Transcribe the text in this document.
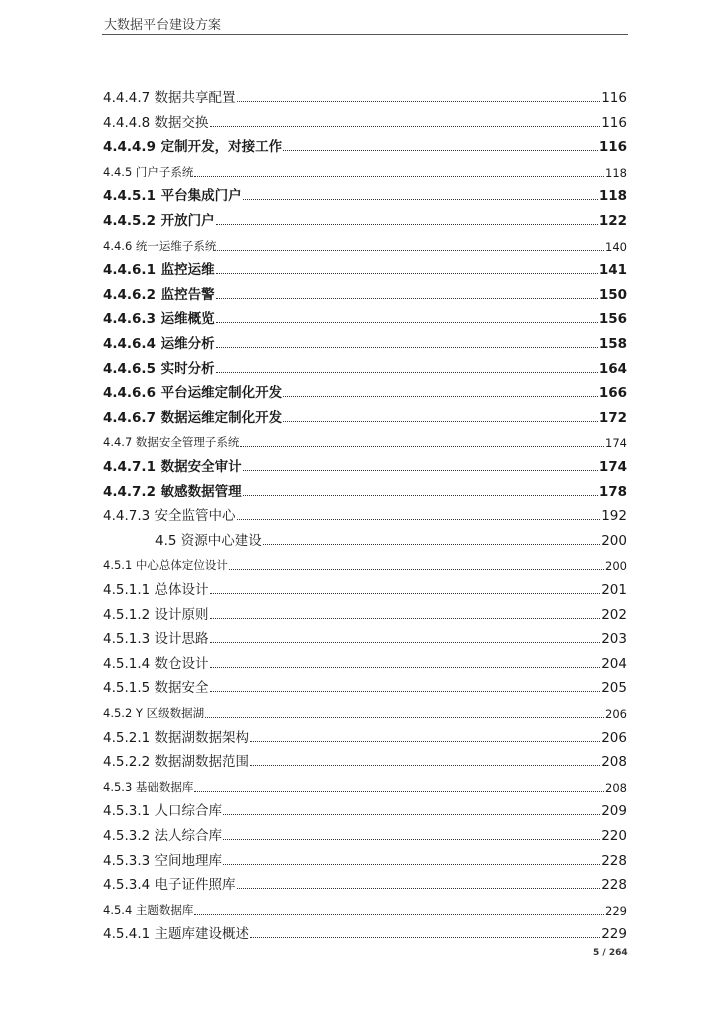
大数据平台建设方案
4.4.4.7 数据共享配置	116
4.4.4.8 数据交换	116
4.4.4.9 定制开发，对接工作	116
4.4.5 门户子系统	118
4.4.5.1 平台集成门户	118
4.4.5.2 开放门户	122
4.4.6 统一运维子系统	140
4.4.6.1 监控运维	141
4.4.6.2 监控告警	150
4.4.6.3 运维概览	156
4.4.6.4 运维分析	158
4.4.6.5 实时分析	164
4.4.6.6 平台运维定制化开发	166
4.4.6.7 数据运维定制化开发	172
4.4.7 数据安全管理子系统	174
4.4.7.1 数据安全审计	174
4.4.7.2 敏感数据管理	178
4.4.7.3 安全监管中心	192
4.5 资源中心建设	200
4.5.1 中心总体定位设计	200
4.5.1.1 总体设计	201
4.5.1.2 设计原则	202
4.5.1.3 设计思路	203
4.5.1.4 数仓设计	204
4.5.1.5 数据安全	205
4.5.2 Y 区级数据湖	206
4.5.2.1 数据湖数据架构	206
4.5.2.2 数据湖数据范围	208
4.5.3 基础数据库	208
4.5.3.1 人口综合库	209
4.5.3.2 法人综合库	220
4.5.3.3 空间地理库	228
4.5.3.4 电子证件照库	228
4.5.4 主题数据库	229
4.5.4.1 主题库建设概述	229
5 / 264
